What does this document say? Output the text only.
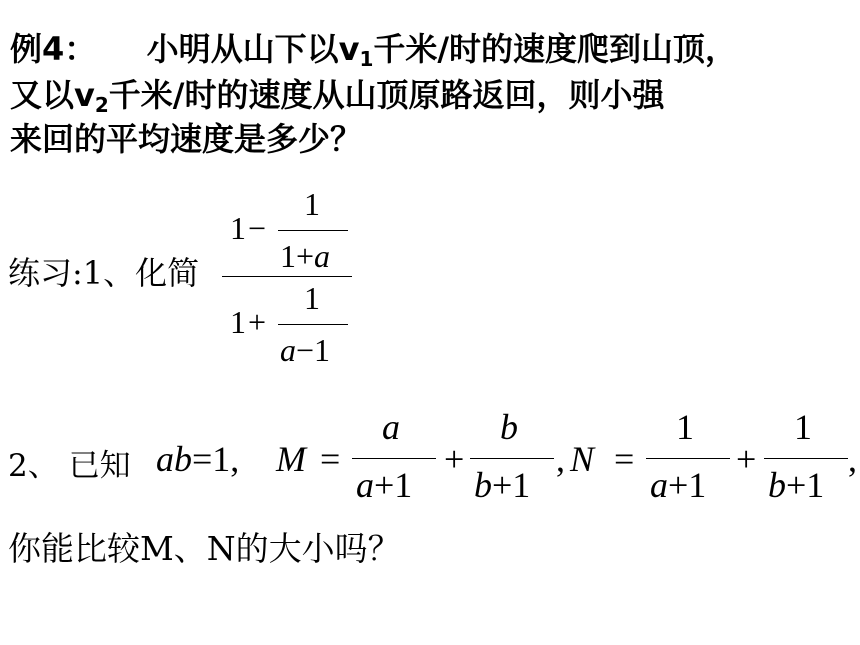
例4： 小明从山下以$v_1$千米/时的速度爬到山顶，
又以$v_2$千米/时的速度从山顶原路返回，则小强
来回的平均速度是多少？
练习:1、化简
1 −
1
1+a
1 +
1
a−1
2、 已知 ab=1, M =
a
a+1
+
b
b+1
, N =
1
a+1
+
1
b+1
,
你能比较M、N的大小吗？
